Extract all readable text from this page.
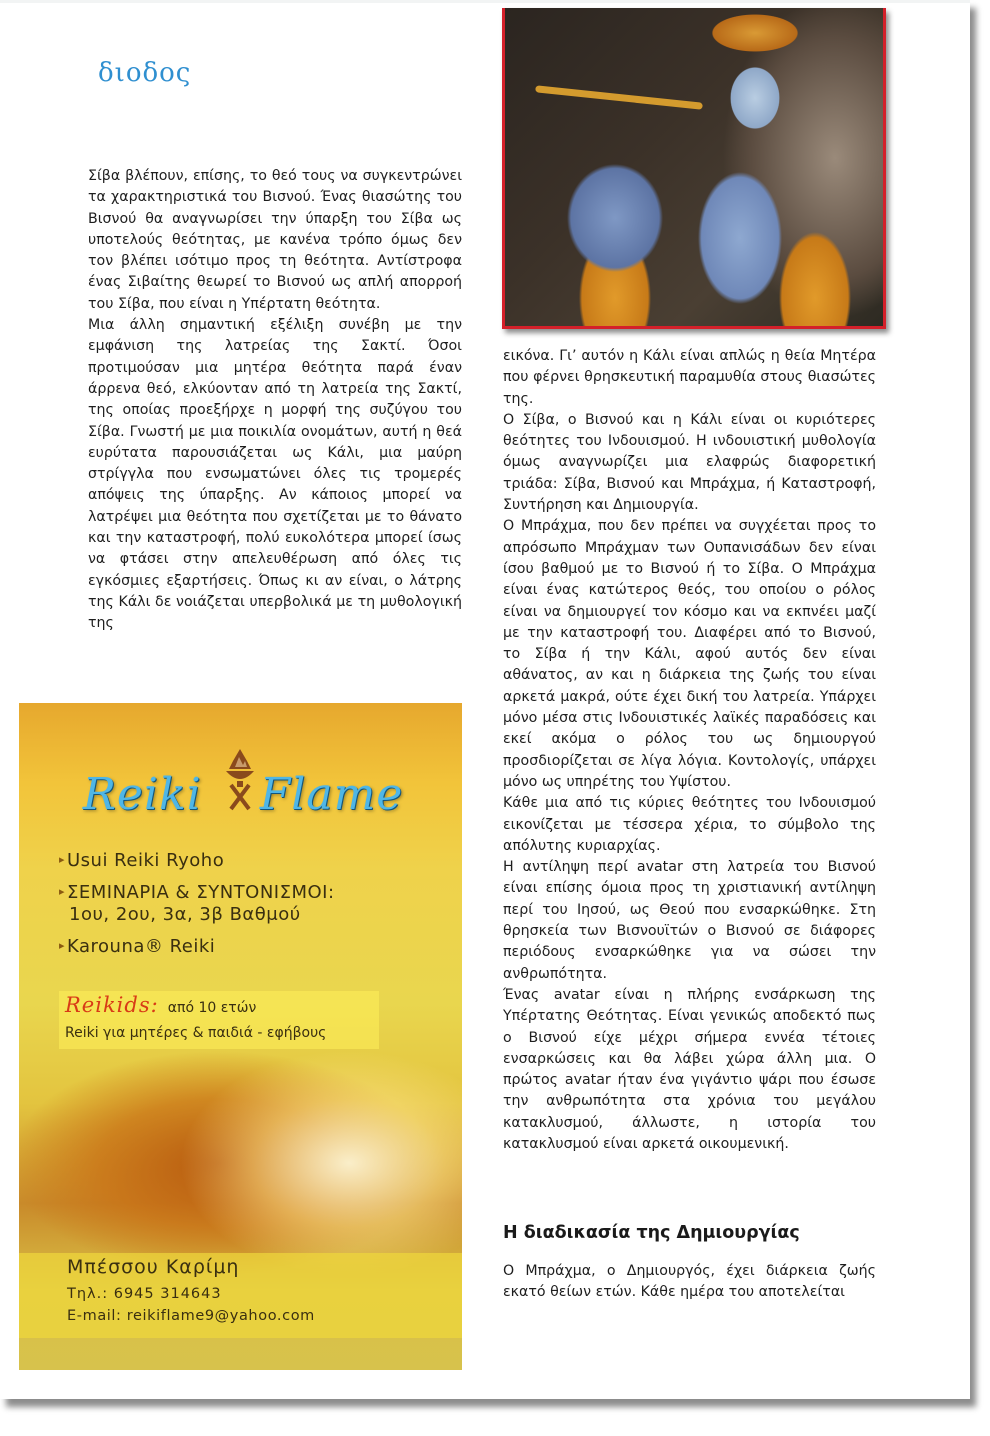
διοδος

Σίβα βλέπουν, επίσης, το θεό τους να συγκεντρώνει τα χαρακτηριστικά του Βισνού. Ένας θιασώτης του Βισνού θα αναγνωρίσει την ύπαρξη του Σίβα ως υποτελούς θεότητας, με κανένα τρόπο όμως δεν τον βλέπει ισότιμο προς τη θεότητα. Αντίστροφα ένας Σιβαίτης θεωρεί το Βισνού ως απλή απορροή του Σίβα, που είναι η Υπέρτατη θεότητα.

Μια άλλη σημαντική εξέλιξη συνέβη με την εμφάνιση της λατρείας της Σακτί. Όσοι προτιμούσαν μια μητέρα θεότητα παρά έναν άρρενα θεό, ελκύονταν από τη λατρεία της Σακτί, της οποίας προεξήρχε η μορφή της συζύγου του Σίβα. Γνωστή με μια ποικιλία ονομάτων, αυτή η θεά ευρύτατα παρουσιάζεται ως Κάλι, μια μαύρη στρίγγλα που ενσωματώνει όλες τις τρομερές απόψεις της ύπαρξης. Αν κάποιος μπορεί να λατρέψει μια θεότητα που σχετίζεται με το θάνατο και την καταστροφή, πολύ ευκολότερα μπορεί ίσως να φτάσει στην απελευθέρωση από όλες τις εγκόσμιες εξαρτήσεις. Όπως κι αν είναι, ο λάτρης της Κάλι δε νοιάζεται υπερβολικά με τη μυθολογική της

εικόνα. Γι’ αυτόν η Κάλι είναι απλώς η θεία Μητέρα που φέρνει θρησκευτική παραμυθία στους θιασώτες της.

Ο Σίβα, ο Βισνού και η Κάλι είναι οι κυριότερες θεότητες του Ινδουισμού. Η ινδουιστική μυθολογία όμως αναγνωρίζει μια ελαφρώς διαφορετική τριάδα: Σίβα, Βισνού και Μπράχμα, ή Καταστροφή, Συντήρηση και Δημιουργία.

Ο Μπράχμα, που δεν πρέπει να συγχέεται προς το απρόσωπο Μπράχμαν των Ουπανισάδων δεν είναι ίσου βαθμού με το Βισνού ή το Σίβα. Ο Μπράχμα είναι ένας κατώτερος θεός, του οποίου ο ρόλος είναι να δημιουργεί τον κόσμο και να εκπνέει μαζί με την καταστροφή του. Διαφέρει από το Βισνού, το Σίβα ή την Κάλι, αφού αυτός δεν είναι αθάνατος, αν και η διάρκεια της ζωής του είναι αρκετά μακρά, ούτε έχει δική του λατρεία. Υπάρχει μόνο μέσα στις Ινδουιστικές λαϊκές παραδόσεις και εκεί ακόμα ο ρόλος του ως δημιουργού προσδιορίζεται σε λίγα λόγια. Κοντολογίς, υπάρχει μόνο ως υπηρέτης του Υψίστου.

Κάθε μια από τις κύριες θεότητες του Ινδουισμού εικονίζεται με τέσσερα χέρια, το σύμβολο της απόλυτης κυριαρχίας.

Η αντίληψη περί avatar στη λατρεία του Βισνού είναι επίσης όμοια προς τη χριστιανική αντίληψη περί του Ιησού, ως Θεού που ενσαρκώθηκε. Στη θρησκεία των Βισνουϊτών ο Βισνού σε διάφορες περιόδους ενσαρκώθηκε για να σώσει την ανθρωπότητα.

Ένας avatar είναι η πλήρης ενσάρκωση της Υπέρτατης Θεότητας. Είναι γενικώς αποδεκτό πως ο Βισνού είχε μέχρι σήμερα εννέα τέτοιες ενσαρκώσεις και θα λάβει χώρα άλλη μια. Ο πρώτος avatar ήταν ένα γιγάντιο ψάρι που έσωσε την ανθρωπότητα στα χρόνια του μεγάλου κατακλυσμού, άλλωστε, η ιστορία του κατακλυσμού είναι αρκετά οικουμενική.

Η διαδικασία της Δημιουργίας

Ο Μπράχμα, ο Δημιουργός, έχει διάρκεια ζωής εκατό θείων ετών. Κάθε ημέρα του αποτελείται

Reiki Flame
▸ Usui Reiki Ryoho
▸ ΣΕΜΙΝΑΡΙΑ & ΣΥΝΤΟΝΙΣΜΟΙ:
1ου, 2ου, 3α, 3β Βαθμού
▸ Karouna® Reiki
Reikids: από 10 ετών
Reiki για μητέρες & παιδιά - εφήβους
Μπέσσου Καρίμη
Τηλ.: 6945 314643
E-mail: reikiflame9@yahoo.com
